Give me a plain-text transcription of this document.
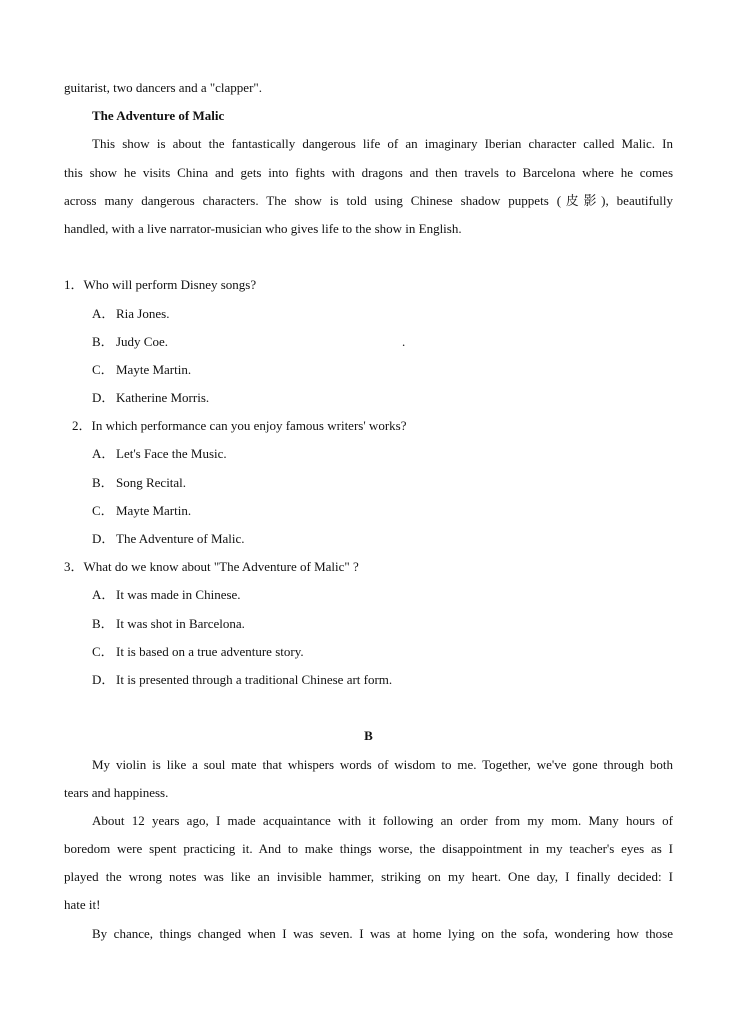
guitarist, two dancers and a "clapper".
The Adventure of Malic
This show is about the fantastically dangerous life of an imaginary Iberian character called Malic. In
this show he visits China and gets into fights with dragons and then travels to Barcelona where he comes
across many dangerous characters. The show is told using Chinese shadow puppets (皮影), beautifully
handled, with a live narrator-musician who gives life to the show in English.
1．Who will perform Disney songs?
A． Ria Jones.
B． Judy Coe.	.
C． Mayte Martin.
D． Katherine Morris.
2．In which performance can you enjoy famous writers' works?
A． Let's Face the Music.
B． Song Recital.
C． Mayte Martin.
D． The Adventure of Malic.
3．What do we know about "The Adventure of Malic" ?
A． It was made in Chinese.
B． It was shot in Barcelona.
C． It is based on a true adventure story.
D． It is presented through a traditional Chinese art form.
B
My violin is like a soul mate that whispers words of wisdom to me. Together, we've gone through both
tears and happiness.
About 12 years ago, I made acquaintance with it following an order from my mom. Many hours of
boredom were spent practicing it. And to make things worse, the disappointment in my teacher's eyes as I
played the wrong notes was like an invisible hammer, striking on my heart. One day, I finally decided: I
hate it!
By chance, things changed when I was seven. I was at home lying on the sofa, wondering how those
